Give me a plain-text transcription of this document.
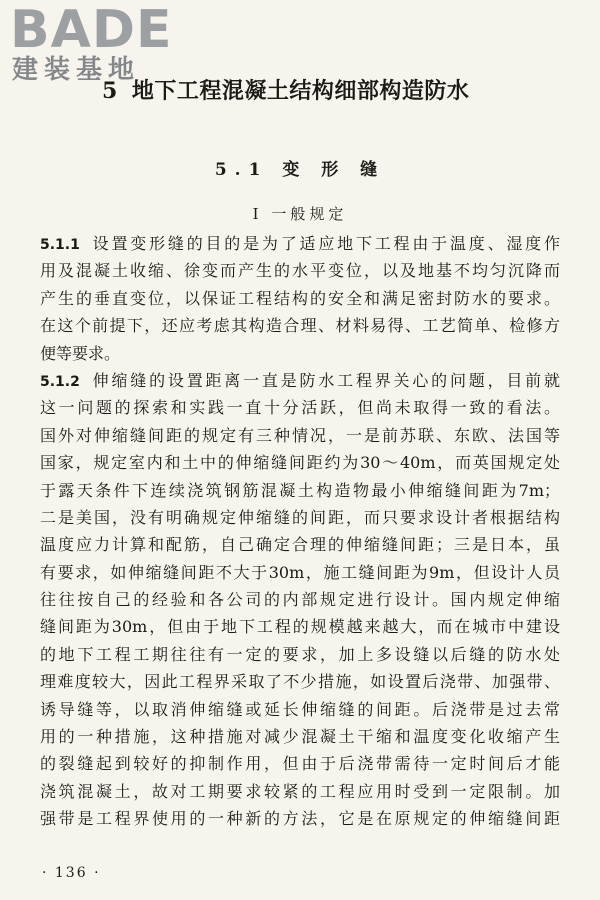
BADE
建装基地
5 地下工程混凝土结构细部构造防水
5.1 变 形 缝
Ⅰ 一般规定
5.1.1 设置变形缝的目的是为了适应地下工程由于温度、湿度作
用及混凝土收缩、徐变而产生的水平变位，以及地基不均匀沉降而
产生的垂直变位，以保证工程结构的安全和满足密封防水的要求。
在这个前提下，还应考虑其构造合理、材料易得、工艺简单、检修方
便等要求。
5.1.2 伸缩缝的设置距离一直是防水工程界关心的问题，目前就
这一问题的探索和实践一直十分活跃，但尚未取得一致的看法。
国外对伸缩缝间距的规定有三种情况，一是前苏联、东欧、法国等
国家，规定室内和土中的伸缩缝间距约为30～40m，而英国规定处
于露天条件下连续浇筑钢筋混凝土构造物最小伸缩缝间距为7m；
二是美国，没有明确规定伸缩缝的间距，而只要求设计者根据结构
温度应力计算和配筋，自己确定合理的伸缩缝间距；三是日本，虽
有要求，如伸缩缝间距不大于30m，施工缝间距为9m，但设计人员
往往按自己的经验和各公司的内部规定进行设计。国内规定伸缩
缝间距为30m，但由于地下工程的规模越来越大，而在城市中建设
的地下工程工期往往有一定的要求，加上多设缝以后缝的防水处
理难度较大，因此工程界采取了不少措施，如设置后浇带、加强带、
诱导缝等，以取消伸缩缝或延长伸缩缝的间距。后浇带是过去常
用的一种措施，这种措施对减少混凝土干缩和温度变化收缩产生
的裂缝起到较好的抑制作用，但由于后浇带需待一定时间后才能
浇筑混凝土，故对工期要求较紧的工程应用时受到一定限制。加
强带是工程界使用的一种新的方法，它是在原规定的伸缩缝间距
· 136 ·
